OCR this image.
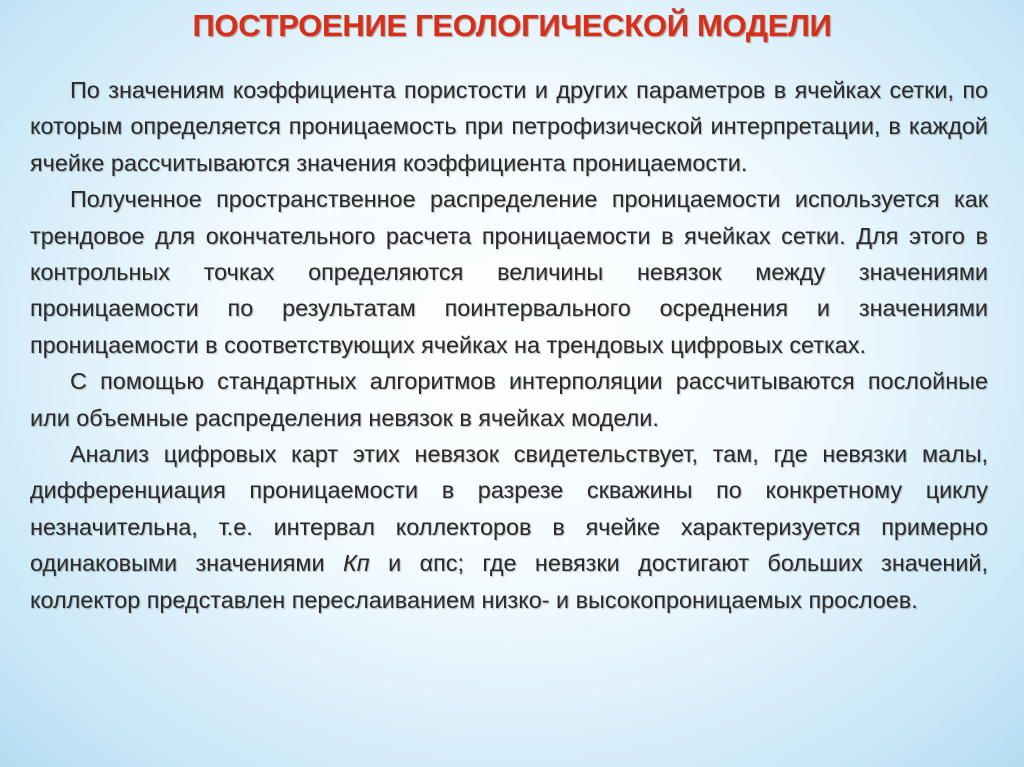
ПОСТРОЕНИЕ ГЕОЛОГИЧЕСКОЙ МОДЕЛИ

По значениям коэффициента пористости и других параметров в ячейках сетки, по которым определяется проницаемость при петрофизической интерпретации, в каждой ячейке рассчитываются значения коэффициента проницаемости.

Полученное пространственное распределение проницаемости используется как трендовое для окончательного расчета проницаемости в ячейках сетки. Для этого в контрольных точках определяются величины невязок между значениями проницаемости по результатам поинтервального осреднения и значениями проницаемости в соответствующих ячейках на трендовых цифровых сетках.

С помощью стандартных алгоритмов интерполяции рассчитываются послойные или объемные распределения невязок в ячейках модели.

Анализ цифровых карт этих невязок свидетельствует, там, где невязки малы, дифференциация проницаемости в разрезе скважины по конкретному циклу незначительна, т.е. интервал коллекторов в ячейке характеризуется примерно одинаковыми значениями Кп и αпс; где невязки достигают больших значений, коллектор представлен переслаиванием низко- и высокопроницаемых прослоев.
